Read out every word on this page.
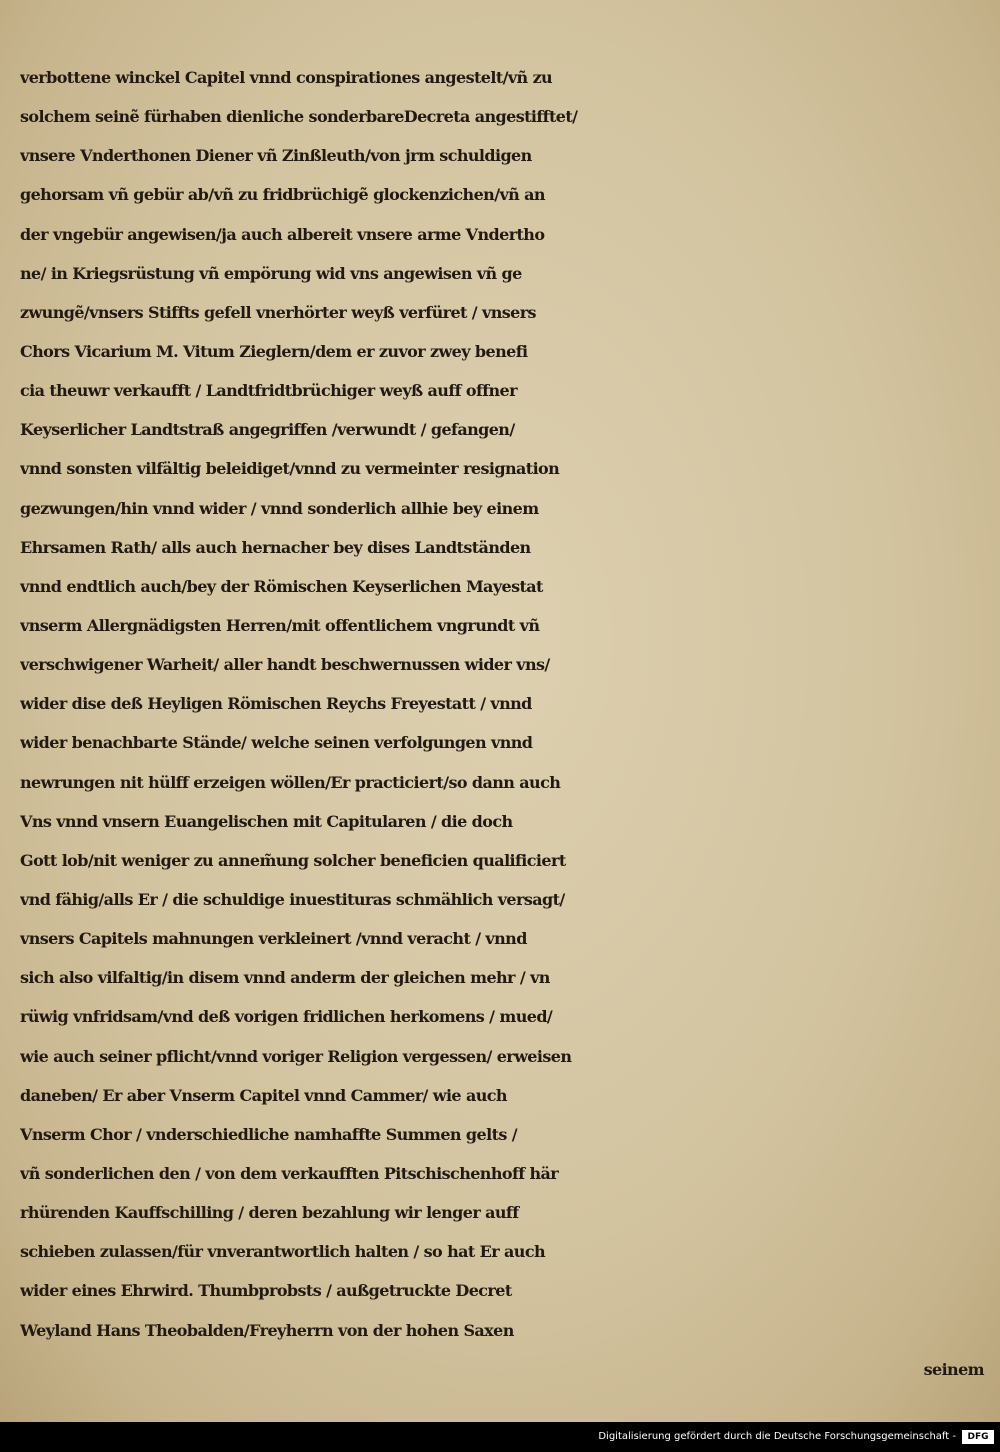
verbottene winckel Capitel vnnd conspirationes angestelt/vñ zu
solchem seinẽ fürhaben dienliche sonderbareDecreta angestifftet/
vnsere Vnderthonen Diener vñ Zinßleuth/von jrm schuldigen
gehorsam vñ gebür ab/vñ zu fridbrüchigẽ glockenzichen/vñ an
der vngebür angewisen/ja auch albereit vnsere arme Vndertho
ne/ in Kriegsrüstung vñ empörung wid vns angewisen vñ ge
zwungẽ/vnsers Stiffts gefell vnerhörter weyß verfüret / vnsers
Chors Vicarium M. Vitum Zieglern/dem er zuvor zwey benefi
cia theuwr verkaufft / Landtfridtbrüchiger weyß auff offner
Keyserlicher Landtstraß angegriffen /verwundt / gefangen/
vnnd sonsten vilfältig beleidiget/vnnd zu vermeinter resignation
gezwungen/hin vnnd wider / vnnd sonderlich allhie bey einem
Ehrsamen Rath/ alls auch hernacher bey dises Landtständen
vnnd endtlich auch/bey der Römischen Keyserlichen Mayestat
vnserm Allergnädigsten Herren/mit offentlichem vngrundt vñ
verschwigener Warheit/ aller handt beschwernussen wider vns/
wider dise deß Heyligen Römischen Reychs Freyestatt / vnnd
wider benachbarte Stände/ welche seinen verfolgungen vnnd
newrungen nit hülff erzeigen wöllen/Er practiciert/so dann auch
Vns vnnd vnsern Euangelischen mit Capitularen / die doch
Gott lob/nit weniger zu annem̃ung solcher beneficien qualificiert
vnd fähig/alls Er / die schuldige inuestituras schmählich versagt/
vnsers Capitels mahnungen verkleinert /vnnd veracht / vnnd
sich also vilfaltig/in disem vnnd anderm der gleichen mehr / vn
rüwig vnfridsam/vnd deß vorigen fridlichen herkomens / mued/
wie auch seiner pflicht/vnnd voriger Religion vergessen/ erweisen
daneben/ Er aber Vnserm Capitel vnnd Cammer/ wie auch
Vnserm Chor / vnderschiedliche namhaffte Summen gelts /
vñ sonderlichen den / von dem verkaufften Pitschischenhoff här
rhürenden Kauffschilling / deren bezahlung wir lenger auff
schieben zulassen/für vnverantwortlich halten / so hat Er auch
wider eines Ehrwird. Thumbprobsts / außgetruckte Decret
Weyland Hans Theobalden/Freyherrn von der hohen Saxen
seinem
Digitalisierung gefördert durch die Deutsche Forschungsgemeinschaft -	DFG
